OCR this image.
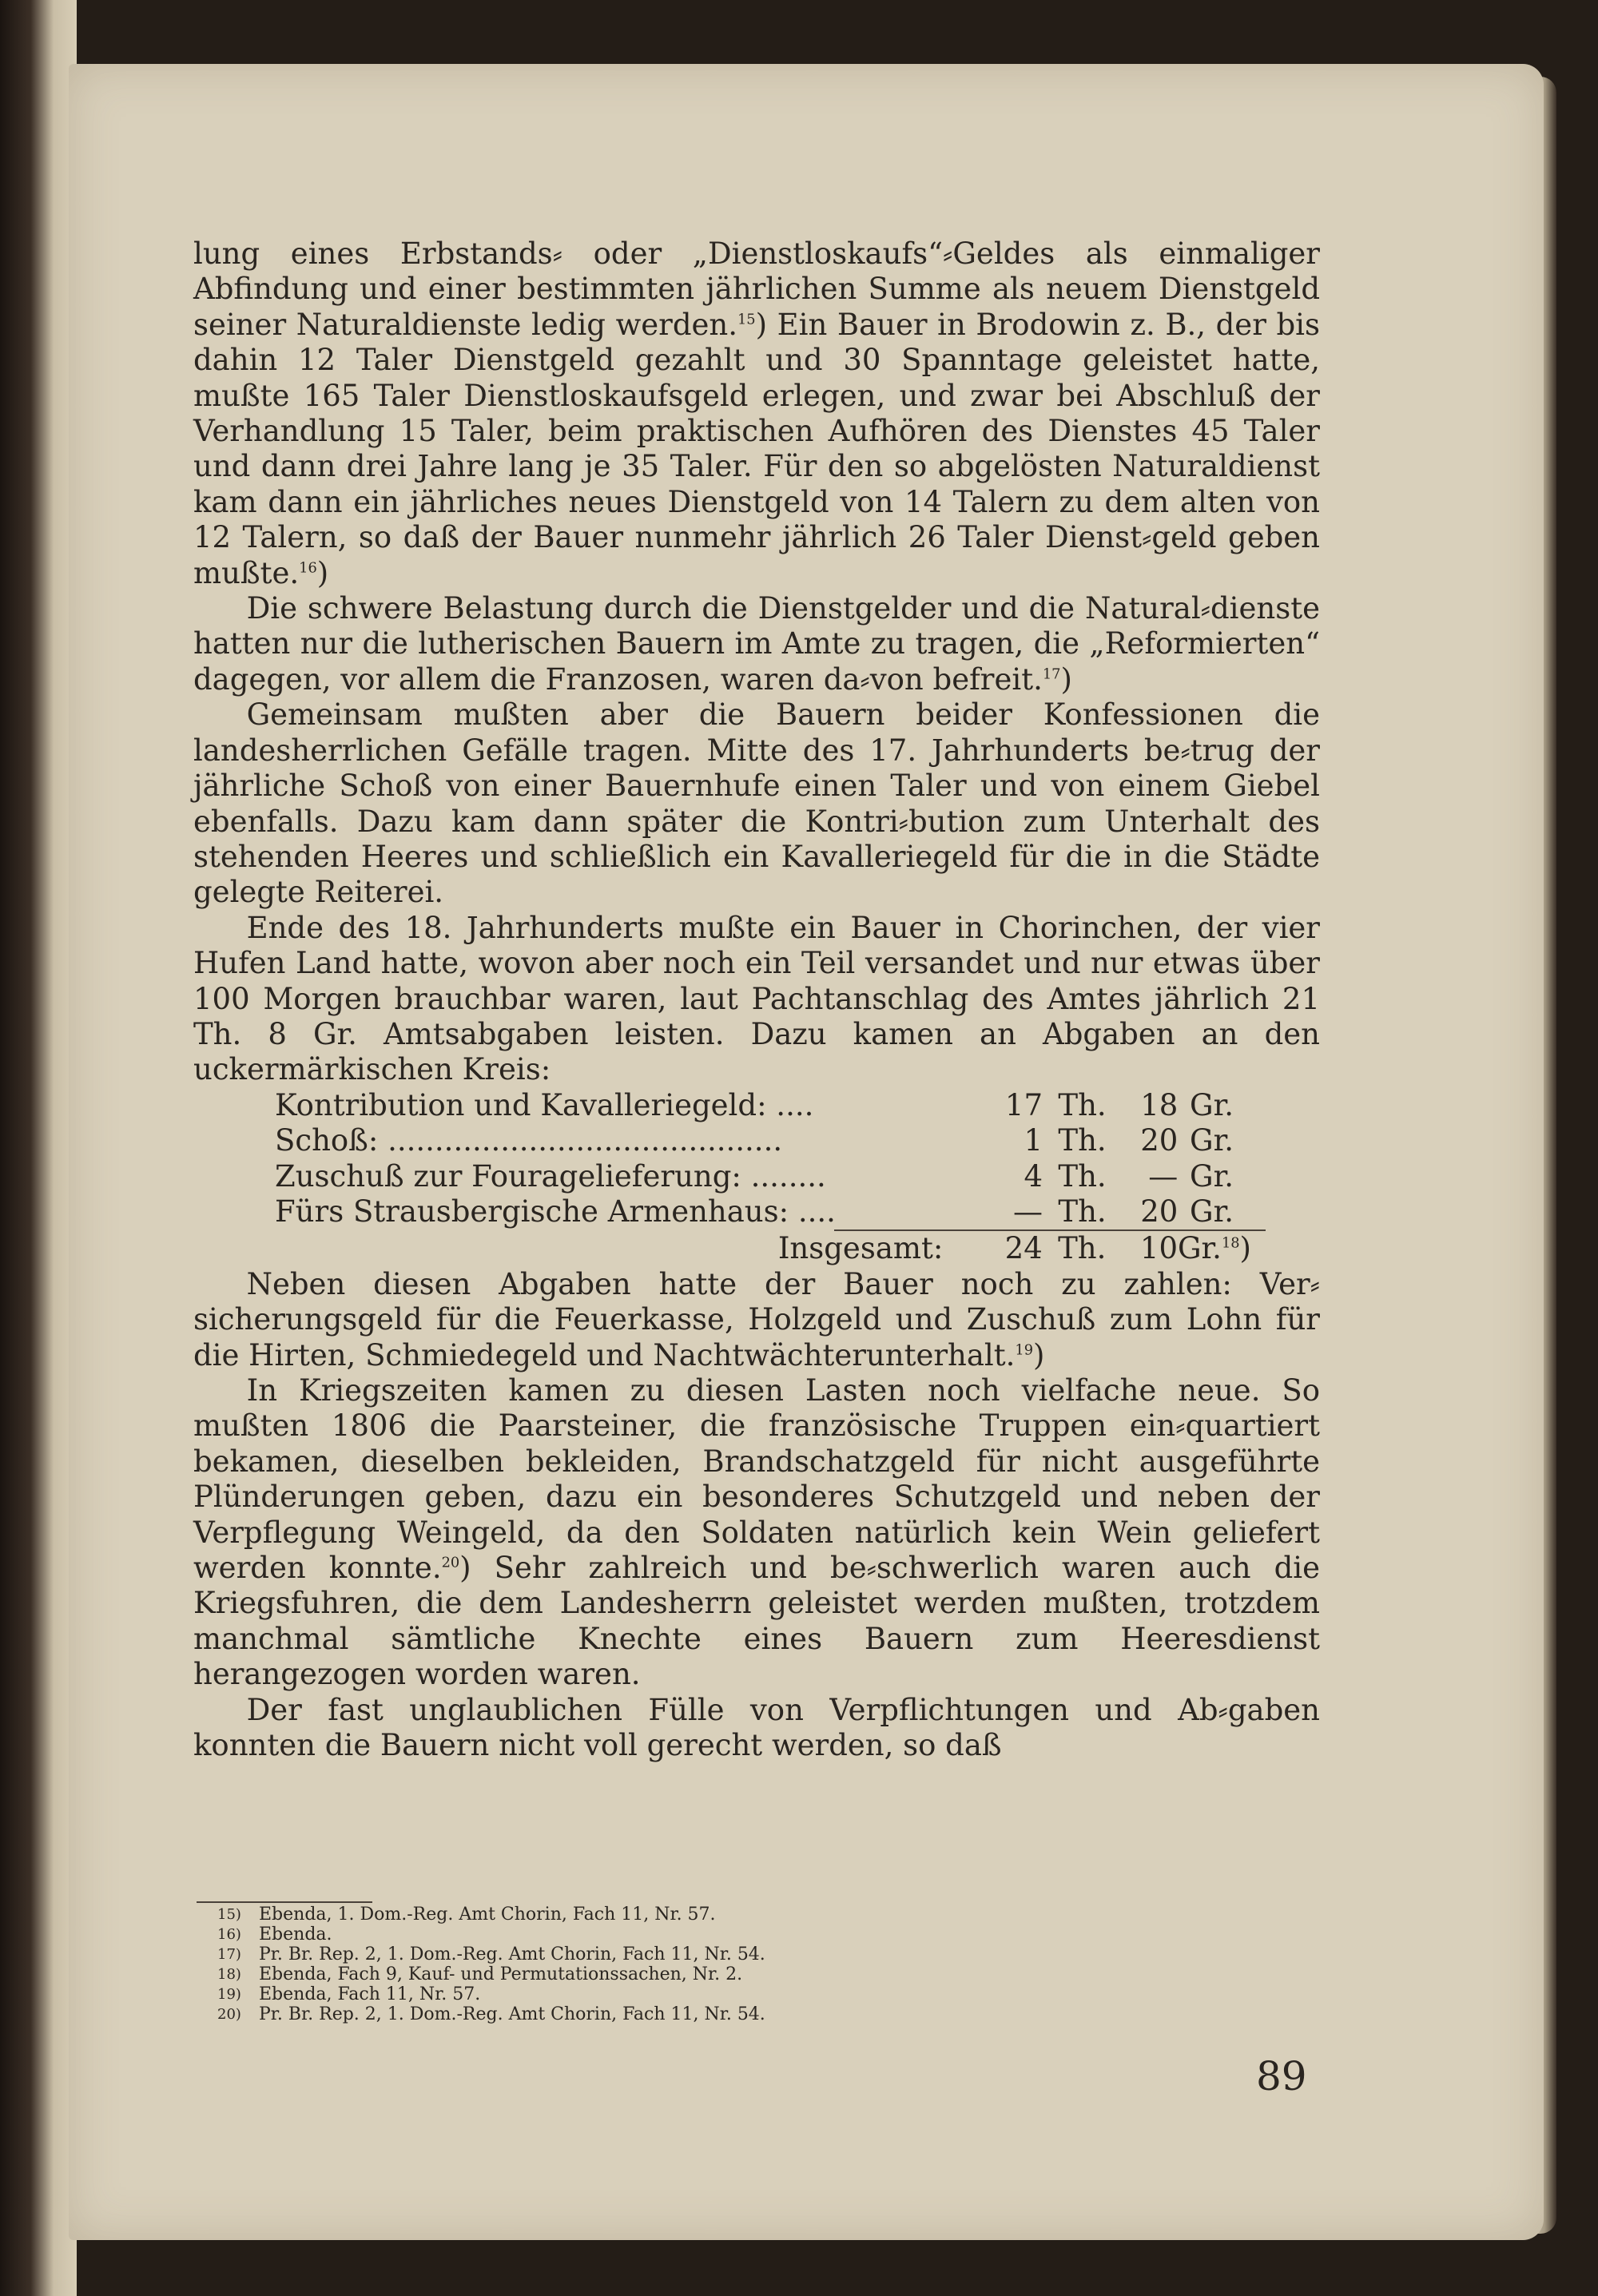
lung eines Erbstands⸗ oder „Dienstloskaufs“⸗Geldes als einmaliger Abfindung und einer bestimmten jährlichen Summe als neuem Dienstgeld seiner Naturaldienste ledig werden.$^{15}$) Ein Bauer in Brodowin z. B., der bis dahin 12 Taler Dienstgeld gezahlt und 30 Spanntage geleistet hatte, mußte 165 Taler Dienstloskaufsgeld erlegen, und zwar bei Abschluß der Verhandlung 15 Taler, beim praktischen Aufhören des Dienstes 45 Taler und dann drei Jahre lang je 35 Taler. Für den so abgelösten Naturaldienst kam dann ein jährliches neues Dienstgeld von 14 Talern zu dem alten von 12 Talern, so daß der Bauer nunmehr jährlich 26 Taler Dienst⸗geld geben mußte.$^{16}$)

Die schwere Belastung durch die Dienstgelder und die Natural⸗dienste hatten nur die lutherischen Bauern im Amte zu tragen, die „Reformierten“ dagegen, vor allem die Franzosen, waren da⸗von befreit.$^{17}$)

Gemeinsam mußten aber die Bauern beider Konfessionen die landesherrlichen Gefälle tragen. Mitte des 17. Jahrhunderts be⸗trug der jährliche Schoß von einer Bauernhufe einen Taler und von einem Giebel ebenfalls. Dazu kam dann später die Kontri⸗bution zum Unterhalt des stehenden Heeres und schließlich ein Kavalleriegeld für die in die Städte gelegte Reiterei.

Ende des 18. Jahrhunderts mußte ein Bauer in Chorinchen, der vier Hufen Land hatte, wovon aber noch ein Teil versandet und nur etwas über 100 Morgen brauchbar waren, laut Pachtanschlag des Amtes jährlich 21 Th. 8 Gr. Amtsabgaben leisten. Dazu kamen an Abgaben an den uckermärkischen Kreis:

Kontribution und Kavalleriegeld: ....	17 Th.	18 Gr.
Schoß: ..........................................	1 Th.	20 Gr.
Zuschuß zur Fouragelieferung: ........	4 Th.	— Gr.
Fürs Strausbergische Armenhaus: ....	— Th.	20 Gr.
Insgesamt:	24 Th.	10 Gr.$^{18}$)

Neben diesen Abgaben hatte der Bauer noch zu zahlen: Ver⸗sicherungsgeld für die Feuerkasse, Holzgeld und Zuschuß zum Lohn für die Hirten, Schmiedegeld und Nachtwächterunterhalt.$^{19}$)

In Kriegszeiten kamen zu diesen Lasten noch vielfache neue. So mußten 1806 die Paarsteiner, die französische Truppen ein⸗quartiert bekamen, dieselben bekleiden, Brandschatzgeld für nicht ausgeführte Plünderungen geben, dazu ein besonderes Schutzgeld und neben der Verpflegung Weingeld, da den Soldaten natürlich kein Wein geliefert werden konnte.$^{20}$) Sehr zahlreich und be⸗schwerlich waren auch die Kriegsfuhren, die dem Landesherrn geleistet werden mußten, trotzdem manchmal sämtliche Knechte eines Bauern zum Heeresdienst herangezogen worden waren.

Der fast unglaublichen Fülle von Verpflichtungen und Ab⸗gaben konnten die Bauern nicht voll gerecht werden, so daß

15)	Ebenda, 1. Dom.-Reg. Amt Chorin, Fach 11, Nr. 57.
16)	Ebenda.
17)	Pr. Br. Rep. 2, 1. Dom.-Reg. Amt Chorin, Fach 11, Nr. 54.
18)	Ebenda, Fach 9, Kauf- und Permutationssachen, Nr. 2.
19)	Ebenda, Fach 11, Nr. 57.
20)	Pr. Br. Rep. 2, 1. Dom.-Reg. Amt Chorin, Fach 11, Nr. 54.
89
